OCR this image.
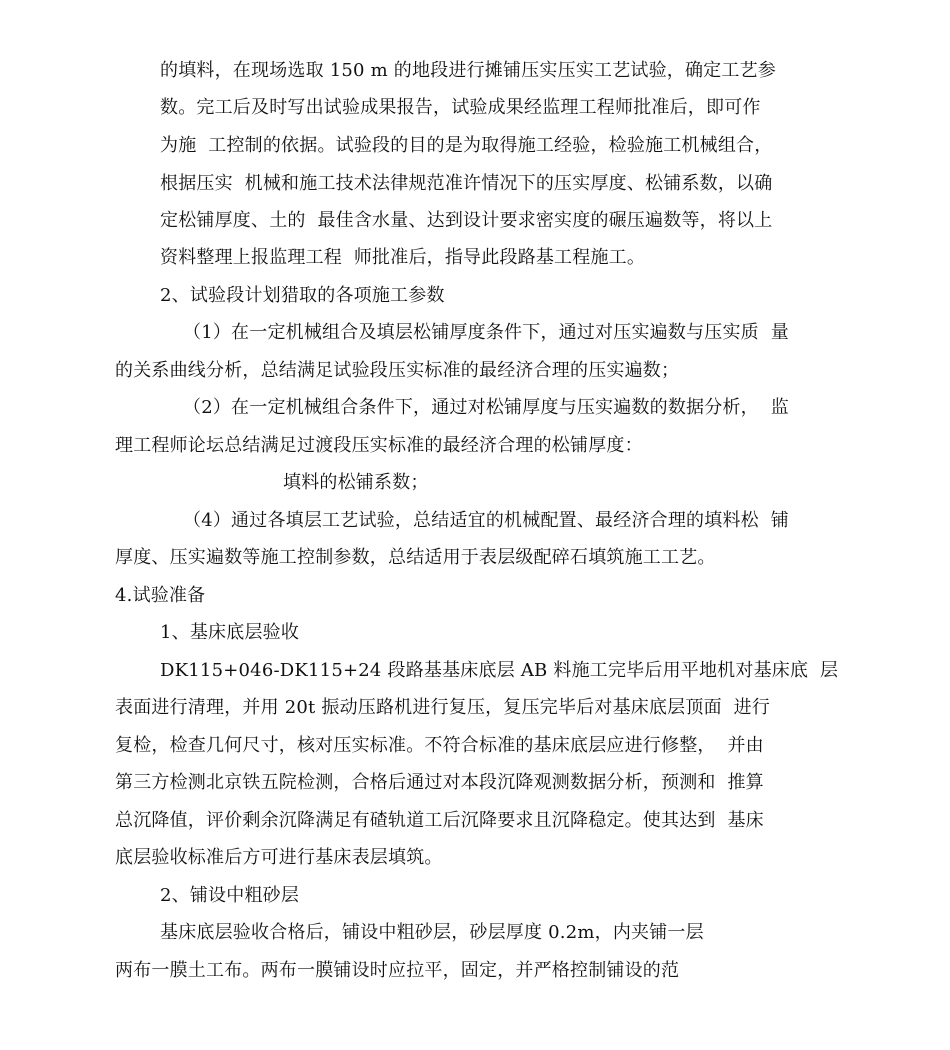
的填料，在现场选取 150 m 的地段进行摊铺压实压实工艺试验，确定工艺参
数。完工后及时写出试验成果报告，试验成果经监理工程师批准后，即可作
为施  工控制的依据。试验段的目的是为取得施工经验，检验施工机械组合，
根据压实  机械和施工技术法律规范准许情况下的压实厚度、松铺系数，以确
定松铺厚度、土的  最佳含水量、达到设计要求密实度的碾压遍数等，将以上
资料整理上报监理工程  师批准后，指导此段路基工程施工。
2、试验段计划猎取的各项施工参数
（1）在一定机械组合及填层松铺厚度条件下，通过对压实遍数与压实质  量
的关系曲线分析，总结满足试验段压实标准的最经济合理的压实遍数；
（2）在一定机械组合条件下，通过对松铺厚度与压实遍数的数据分析，  监
理工程师论坛总结满足过渡段压实标准的最经济合理的松铺厚度：
填料的松铺系数；
（4）通过各填层工艺试验，总结适宜的机械配置、最经济合理的填料松  铺
厚度、压实遍数等施工控制参数，总结适用于表层级配碎石填筑施工工艺。
4.试验准备
1、基床底层验收
DK115+046-DK115+24 段路基基床底层 AB 料施工完毕后用平地机对基床底  层
表面进行清理，并用 20t 振动压路机进行复压，复压完毕后对基床底层顶面  进行
复检，检查几何尺寸，核对压实标准。不符合标准的基床底层应进行修整，  并由
第三方检测北京铁五院检测，合格后通过对本段沉降观测数据分析，预测和  推算
总沉降值，评价剩余沉降满足有碴轨道工后沉降要求且沉降稳定。使其达到  基床
底层验收标准后方可进行基床表层填筑。
2、铺设中粗砂层
基床底层验收合格后，铺设中粗砂层，砂层厚度 0.2m，内夹铺一层
两布一膜土工布。两布一膜铺设时应拉平，固定，并严格控制铺设的范
